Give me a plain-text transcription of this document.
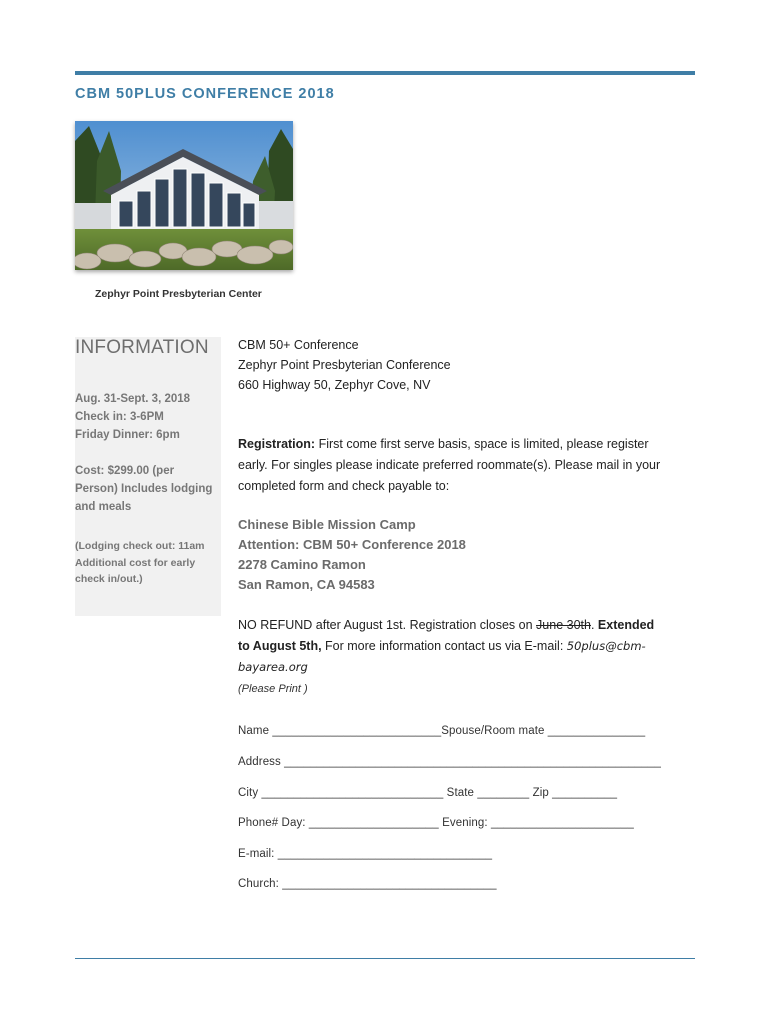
CBM 50PLUS CONFERENCE 2018
Zephyr Point Presbyterian Center
INFORMATION
Aug. 31-Sept. 3, 2018
Check in: 3-6PM
Friday Dinner: 6pm
Cost: $299.00 (per
Person) Includes lodging
and meals
(Lodging check out: 11am
Additional cost for early
check in/out.)
CBM 50+ Conference
Zephyr Point Presbyterian Conference
660 Highway 50, Zephyr Cove, NV
Registration: First come first serve basis, space is limited, please register
early. For singles please indicate preferred roommate(s). Please mail in your
completed form and check payable to:
Chinese Bible Mission Camp
Attention: CBM 50+ Conference 2018
2278 Camino Ramon
San Ramon, CA 94583
NO REFUND after August 1st. Registration closes on June 30th. Extended
to August 5th, For more information contact us via E-mail: 50plus@cbm-
bayarea.org
(Please Print )
Name __________________________Spouse/Room mate _______________
Address __________________________________________________________
City ____________________________ State ________ Zip __________
Phone# Day: ____________________ Evening: ______________________
E-mail: _________________________________
Church: _________________________________
